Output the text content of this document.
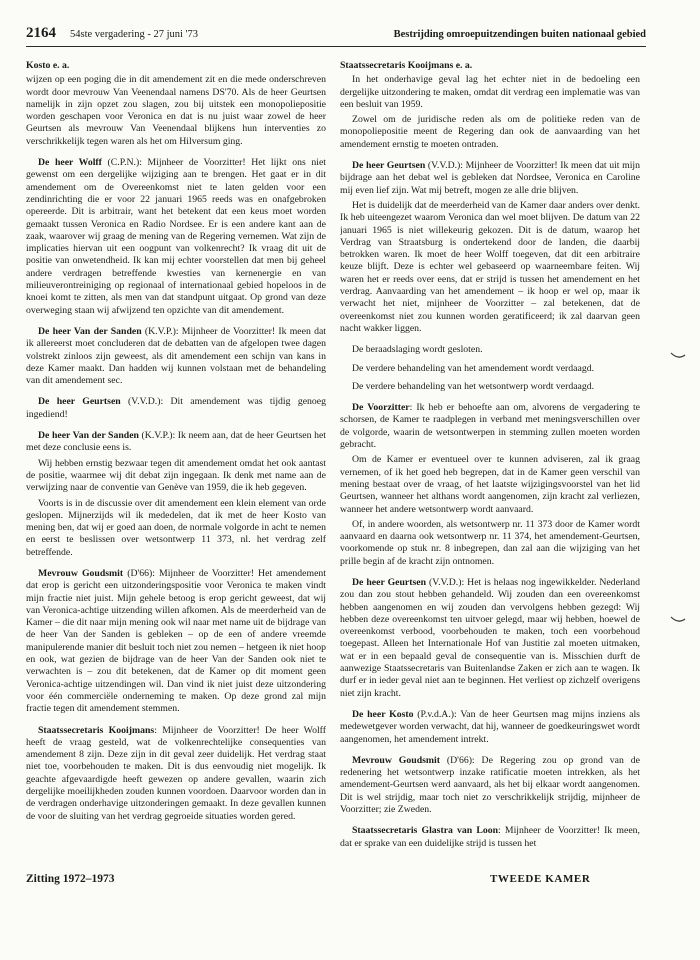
2164 54ste vergadering - 27 juni '73	Bestrijding omroepuitzendingen buiten nationaal gebied
Kosto e. a.

wijzen op een poging die in dit amendement zit en die mede onderschreven wordt door mevrouw Van Veenendaal namens DS'70. Als de heer Geurtsen namelijk in zijn opzet zou slagen, zou bij uitstek een monopoliepositie worden geschapen voor Veronica en dat is nu juist waar zowel de heer Geurtsen als mevrouw Van Veenendaal blijkens hun interventies zo verschrikkelijk tegen waren als het om Hilversum ging.

De heer Wolff (C.P.N.): Mijnheer de Voorzitter! Het lijkt ons niet gewenst om een dergelijke wijziging aan te brengen. Het gaat er in dit amendement om de Overeenkomst niet te laten gelden voor een zendinrichting die er voor 22 januari 1965 reeds was en onafgebroken opereerde. Dit is arbitrair, want het betekent dat een keus moet worden gemaakt tussen Veronica en Radio Nordsee. Er is een andere kant aan de zaak, waarover wij graag de mening van de Regering vernemen. Wat zijn de implicaties hiervan uit een oogpunt van volkenrecht? Ik vraag dit uit de positie van onwetendheid. Ik kan mij echter voorstellen dat men bij geheel andere verdragen betreffende kwesties van kernenergie en van milieuverontreiniging op regionaal of internationaal gebied hopeloos in de knoei komt te zitten, als men van dat standpunt uitgaat. Op grond van deze overweging staan wij afwijzend ten opzichte van dit amendement.

De heer Van der Sanden (K.V.P.): Mijnheer de Voorzitter! Ik meen dat ik allereerst moet concluderen dat de debatten van de afgelopen twee dagen volstrekt zinloos zijn geweest, als dit amendement een schijn van kans in deze Kamer maakt. Dan hadden wij kunnen volstaan met de behandeling van dit amendement sec.

De heer Geurtsen (V.V.D.): Dit amendement was tijdig genoeg ingediend!

De heer Van der Sanden (K.V.P.): Ik neem aan, dat de heer Geurtsen het met deze conclusie eens is.

Wij hebben ernstig bezwaar tegen dit amendement omdat het ook aantast de positie, waarmee wij dit debat zijn ingegaan. Ik denk met name aan de verwijzing naar de conventie van Genève van 1959, die ik heb gegeven.

Voorts is in de discussie over dit amendement een klein element van orde geslopen. Mijnerzijds wil ik mededelen, dat ik met de heer Kosto van mening ben, dat wij er goed aan doen, de normale volgorde in acht te nemen en eerst te beslissen over wetsontwerp 11 373, nl. het verdrag zelf betreffende.

Mevrouw Goudsmit (D'66): Mijnheer de Voorzitter! Het amendement dat erop is gericht een uitzonderingspositie voor Veronica te maken vindt mijn fractie niet juist. Mijn gehele betoog is erop gericht geweest, dat wij van Veronica-achtige uitzending willen afkomen. Als de meerderheid van de Kamer – die dit naar mijn mening ook wil naar met name uit de bijdrage van de heer Van der Sanden is gebleken – op de een of andere vreemde manipulerende manier dit besluit toch niet zou nemen – hetgeen ik niet hoop en ook, wat gezien de bijdrage van de heer Van der Sanden ook niet te verwachten is – zou dit betekenen, dat de Kamer op dit moment geen Veronica-achtige uitzendingen wil. Dan vind ik niet juist deze uitzondering voor één commerciële onderneming te maken. Op deze grond zal mijn fractie tegen dit amendement stemmen.

Staatssecretaris Kooijmans: Mijnheer de Voorzitter! De heer Wolff heeft de vraag gesteld, wat de volkenrechtelijke consequenties van amendement 8 zijn. Deze zijn in dit geval zeer duidelijk. Het verdrag staat niet toe, voorbehouden te maken. Dit is dus eenvoudig niet mogelijk. Ik geachte afgevaardigde heeft gewezen op andere gevallen, waarin zich dergelijke moeilijkheden zouden kunnen voordoen. Daarvoor worden dan in de verdragen onderhavige uitzonderingen gemaakt. In deze gevallen kunnen de voor de sluiting van het verdrag gegroeide situaties worden gered.

Staatssecretaris Kooijmans e. a.

In het onderhavige geval lag het echter niet in de bedoeling een dergelijke uitzondering te maken, omdat dit verdrag een implematie was van een besluit van 1959.

Zowel om de juridische reden als om de politieke reden van de monopoliepositie meent de Regering dan ook de aanvaarding van het amendement ernstig te moeten ontraden.

De heer Geurtsen (V.V.D.): Mijnheer de Voorzitter! Ik meen dat uit mijn bijdrage aan het debat wel is gebleken dat Nordsee, Veronica en Caroline mij even lief zijn. Wat mij betreft, mogen ze alle drie blijven.

Het is duidelijk dat de meerderheid van de Kamer daar anders over denkt. Ik heb uiteengezet waarom Veronica dan wel moet blijven. De datum van 22 januari 1965 is niet willekeurig gekozen. Dit is de datum, waarop het Verdrag van Straatsburg is ondertekend door de landen, die daarbij betrokken waren. Ik moet de heer Wolff toegeven, dat dit een arbitraire keuze blijft. Deze is echter wel gebaseerd op waarneembare feiten. Wij waren het er reeds over eens, dat er strijd is tussen het amendement en het verdrag. Aanvaarding van het amendement – ik hoop er wel op, maar ik verwacht het niet, mijnheer de Voorzitter – zal betekenen, dat de overeenkomst niet zou kunnen worden geratificeerd; ik zal daarvan geen nacht wakker liggen.

De beraadslaging wordt gesloten.

De verdere behandeling van het amendement wordt verdaagd.

De verdere behandeling van het wetsontwerp wordt verdaagd.

De Voorzitter: Ik heb er behoefte aan om, alvorens de vergadering te schorsen, de Kamer te raadplegen in verband met meningsverschillen over de volgorde, waarin de wetsontwerpen in stemming zullen moeten worden gebracht.

Om de Kamer er eventueel over te kunnen adviseren, zal ik graag vernemen, of ik het goed heb begrepen, dat in de Kamer geen verschil van mening bestaat over de vraag, of het laatste wijzigingsvoorstel van het lid Geurtsen, wanneer het althans wordt aangenomen, zijn kracht zal verliezen, wanneer het andere wetsontwerp wordt aanvaard.

Of, in andere woorden, als wetsontwerp nr. 11 373 door de Kamer wordt aanvaard en daarna ook wetsontwerp nr. 11 374, het amendement-Geurtsen, voorkomende op stuk nr. 8 inbegrepen, dan zal aan die wijziging van het prille begin af de kracht zijn ontnomen.

De heer Geurtsen (V.V.D.): Het is helaas nog ingewikkelder. Nederland zou dan zou stout hebben gehandeld. Wij zouden dan een overeenkomst hebben aangenomen en wij zouden dan vervolgens hebben gezegd: Wij hebben deze overeenkomst ten uitvoer gelegd, maar wij hebben, hoewel de overeenkomst verbood, voorbehouden te maken, toch een voorbehoud toegepast. Alleen het Internationale Hof van Justitie zal moeten uitmaken, wat er in een bepaald geval de consequentie van is. Misschien durft de aanwezige Staatssecretaris van Buitenlandse Zaken er zich aan te wagen. Ik durf er in ieder geval niet aan te beginnen. Het verliest op zichzelf overigens niet zijn kracht.

De heer Kosto (P.v.d.A.): Van de heer Geurtsen mag mijns inziens als medewetgever worden verwacht, dat hij, wanneer de goedkeuringswet wordt aangenomen, het amendement intrekt.

Mevrouw Goudsmit (D'66): De Regering zou op grond van de redenering het wetsontwerp inzake ratificatie moeten intrekken, als het amendement-Geurtsen werd aanvaard, als het bij elkaar wordt aangenomen. Dit is wel strijdig, maar toch niet zo verschrikkelijk strijdig, mijnheer de Voorzitter; zie Zweden.

Staatssecretaris Glastra van Loon: Mijnheer de Voorzitter! Ik meen, dat er sprake van een duidelijke strijd is tussen het

Zitting 1972–1973	TWEEDE KAMER
